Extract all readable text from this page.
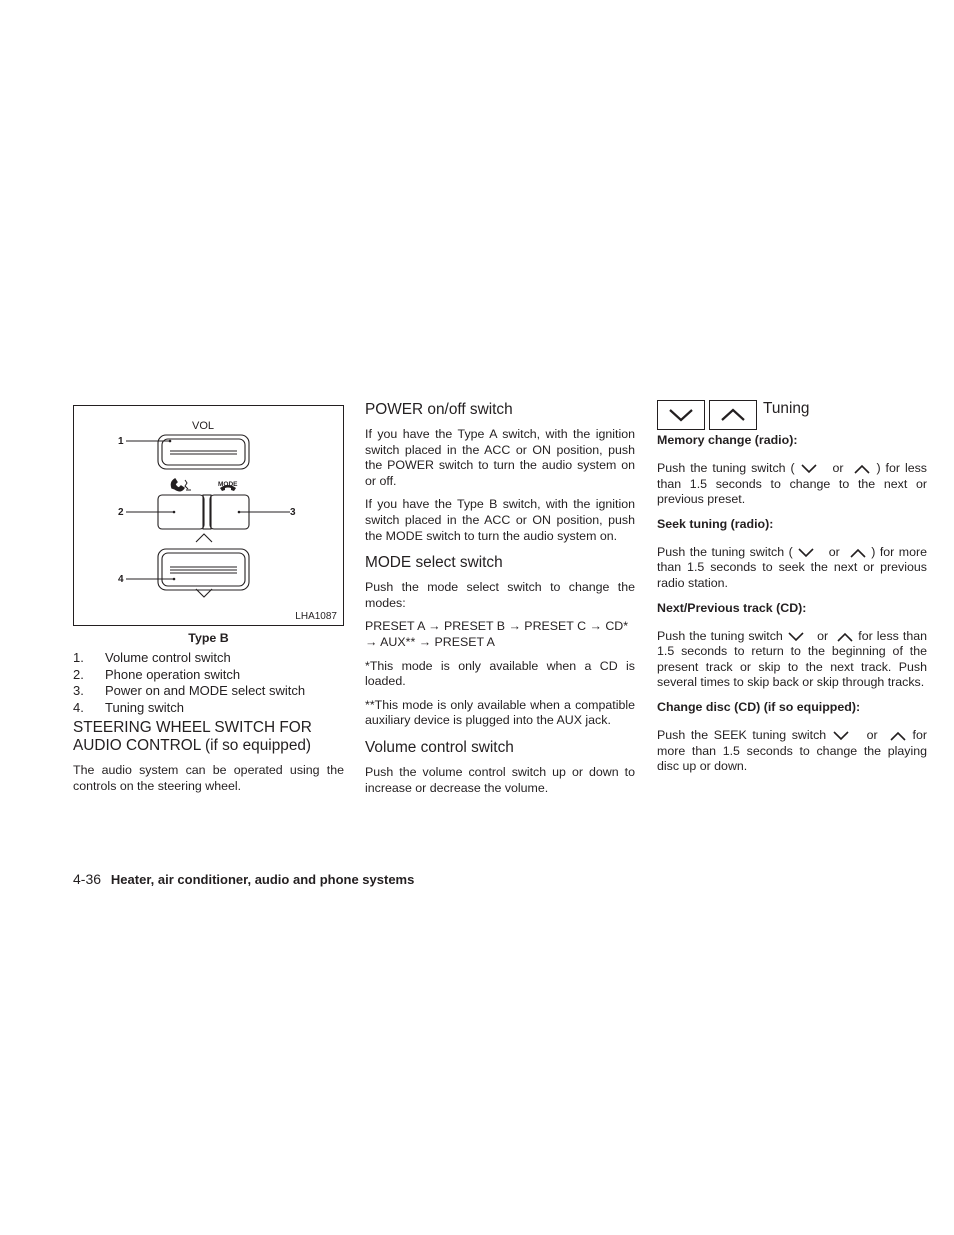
VOL
MODE
1
2	3
4
LHA1087
Type B
1.	Volume control switch
2.	Phone operation switch
3.	Power on and MODE select switch
4.	Tuning switch
STEERING WHEEL SWITCH FOR
AUDIO CONTROL (if so equipped)

The audio system can be operated using the controls on the steering wheel.

POWER on/off switch

If you have the Type A switch, with the ignition switch placed in the ACC or ON position, push the POWER switch to turn the audio system on or off.

If you have the Type B switch, with the ignition switch placed in the ACC or ON position, push the MODE switch to turn the audio system on.

MODE select switch

Push the mode select switch to change the modes:

PRESET A → PRESET B → PRESET C → CD* → AUX** → PRESET A

*This mode is only available when a CD is loaded.

**This mode is only available when a compatible auxiliary device is plugged into the AUX jack.

Volume control switch

Push the volume control switch up or down to increase or decrease the volume.

Tuning
Memory change (radio):

Push the tuning switch (	or	) for less than 1.5 seconds to change to the next or previous preset.

Seek tuning (radio):

Push the tuning switch (	or	) for more than 1.5 seconds to seek the next or previous radio station.

Next/Previous track (CD):

Push the tuning switch	or for less than 1.5 seconds to return to the beginning of the present track or skip to the next track. Push several times to skip back or skip through tracks.

Change disc (CD) (if so equipped):

Push the SEEK tuning switch	or	for more than 1.5 seconds to change the playing disc up or down.

4-36 Heater, air conditioner, audio and phone systems
